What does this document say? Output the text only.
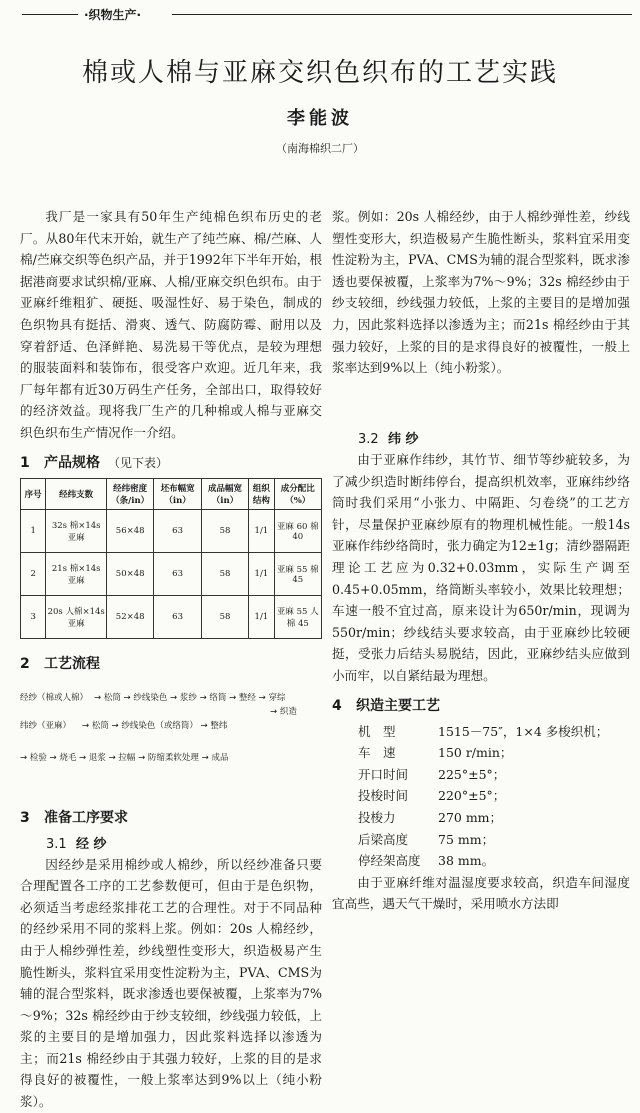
·织物生产·
棉或人棉与亚麻交织色织布的工艺实践
李能波
（南海棉织二厂）

我厂是一家具有50年生产纯棉色织布历史的老厂。从80年代末开始，就生产了纯苎麻、棉/苎麻、人棉/苎麻交织等色织产品，并于1992年下半年开始，根据港商要求试织棉/亚麻、人棉/亚麻交织色织布。由于亚麻纤维粗犷、硬挺、吸湿性好、易于染色，制成的色织物具有挺括、滑爽、透气、防腐防霉、耐用以及穿着舒适、色泽鲜艳、易洗易干等优点，是较为理想的服装面料和装饰布，很受客户欢迎。近几年来，我厂每年都有近30万码生产任务，全部出口，取得较好的经济效益。现将我厂生产的几种棉或人棉与亚麻交织色织布生产情况作一介绍。

1 产品规格 （见下表）
序号	经纬支数	经纬密度（条/in）	坯布幅宽（in）	成品幅宽（in）	组织结构	成分配比（%）
1	32s 棉×14s 亚麻	56×48	63	58	1/1	亚麻 60 棉 40
2	21s 棉×14s 亚麻	50×48	63	58	1/1	亚麻 55 棉 45
3	20s 人棉×14s 亚麻	52×48	63	58	1/1	亚麻 55 人棉 45
2 工艺流程
经纱（棉或人棉） → 松筒 → 纱线染色 → 浆纱 → 络筒 → 整经 → 穿综
纬纱（亚麻） → 松筒 → 纱线染色（或络筒） → 整纬
→ 织造
→ 检验 → 烧毛 → 退浆 → 拉幅 → 防缩柔软处理 → 成品
3 准备工序要求
3.1 经 纱

因经纱是采用棉纱或人棉纱，所以经纱准备只要合理配置各工序的工艺参数便可，但由于是色织物，必须适当考虑经浆排花工艺的合理性。对于不同品种的经纱采用不同的浆料上浆。例如：20s 人棉经纱，由于人棉纱弹性差，纱线塑性变形大，织造极易产生脆性断头，浆料宜采用变性淀粉为主，PVA、CMS为辅的混合型浆料，既求渗透也要保被覆，上浆率为7%～9%；32s 棉经纱由于纱支较细，纱线强力较低，上浆的主要目的是增加强力，因此浆料选择以渗透为主；而21s 棉经纱由于其强力较好，上浆的目的是求得良好的被覆性，一般上浆率达到9%以上（纯小粉浆）。

浆。例如：20s 人棉经纱，由于人棉纱弹性差，纱线塑性变形大，织造极易产生脆性断头，浆料宜采用变性淀粉为主，PVA、CMS为辅的混合型浆料，既求渗透也要保被覆，上浆率为7%～9%；32s 棉经纱由于纱支较细，纱线强力较低，上浆的主要目的是增加强力，因此浆料选择以渗透为主；而21s 棉经纱由于其强力较好，上浆的目的是求得良好的被覆性，一般上浆率达到9%以上（纯小粉浆）。

3.2 纬 纱

由于亚麻作纬纱，其竹节、细节等纱疵较多，为了减少织造时断纬停台，提高织机效率，亚麻纬纱络筒时我们采用“小张力、中隔距、匀卷绕”的工艺方针，尽量保护亚麻纱原有的物理机械性能。一般14s 亚麻作纬纱络筒时，张力确定为12±1g；清纱器隔距理论工艺应为0.32+0.03mm，实际生产调至0.45+0.05mm，络筒断头率较小，效果比较理想；车速一般不宜过高，原来设计为650r/min，现调为550r/min；纱线结头要求较高，由于亚麻纱比较硬挺，受张力后结头易脱结，因此，亚麻纱结头应做到小而牢，以自紧结最为理想。

4 织造主要工艺
机　型	1515－75″，1×4 多梭织机；
车　速	150 r/min；
开口时间 225°±5°；
投梭时间 220°±5°；
投梭力	270 mm；
后梁高度 75 mm；
停经架高度 38 mm。

由于亚麻纤维对温湿度要求较高，织造车间湿度宜高些，遇天气干燥时，采用喷水方法即
